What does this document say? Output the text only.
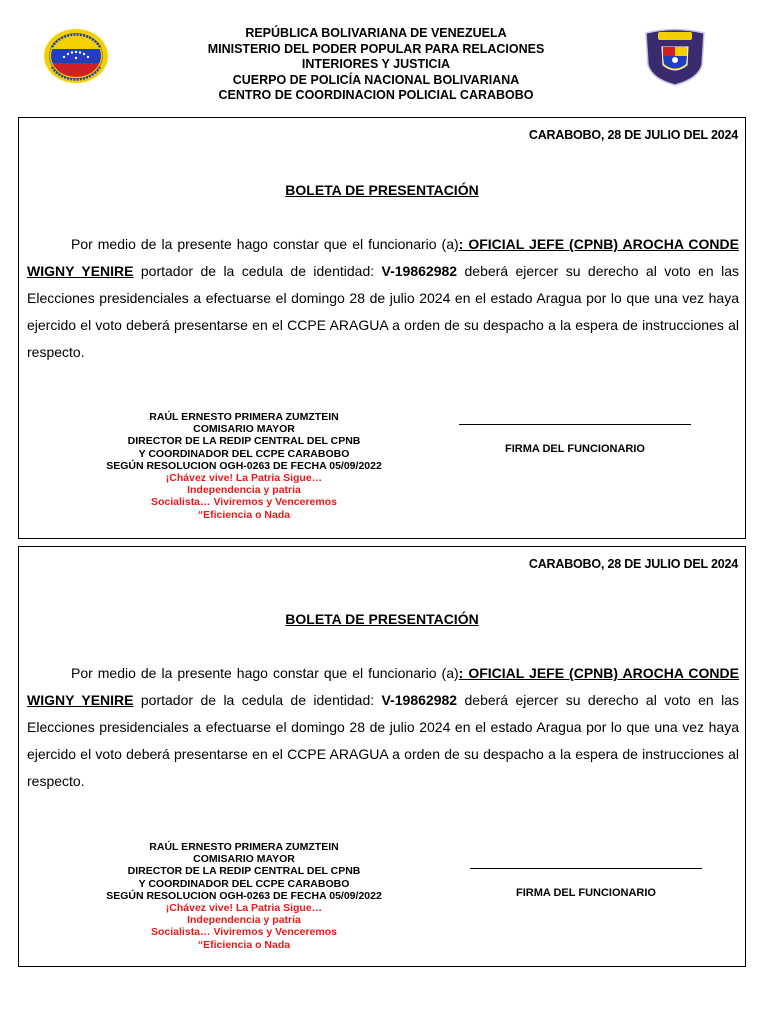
REPÚBLICA BOLIVARIANA DE VENEZUELA
MINISTERIO DEL PODER POPULAR PARA RELACIONES
INTERIORES Y JUSTICIA
CUERPO DE POLICÍA NACIONAL BOLIVARIANA
CENTRO DE COORDINACION POLICIAL CARABOBO
CARABOBO, 28 DE JULIO DEL 2024
BOLETA DE PRESENTACIÓN
Por medio de la presente hago constar que el funcionario (a): OFICIAL JEFE (CPNB) AROCHA CONDE WIGNY YENIRE portador de la cedula de identidad: V-19862982 deberá ejercer su derecho al voto en las Elecciones presidenciales a efectuarse el domingo 28 de julio 2024 en el estado Aragua por lo que una vez haya ejercido el voto deberá presentarse en el CCPE ARAGUA a orden de su despacho a la espera de instrucciones al respecto.
RAÚL ERNESTO PRIMERA ZUMZTEIN
COMISARIO MAYOR
DIRECTOR DE LA REDIP CENTRAL DEL CPNB
Y COORDINADOR DEL CCPE CARABOBO
SEGÚN RESOLUCION OGH-0263 DE FECHA 05/09/2022
¡Chávez vive! La Patria Sigue…
Independencia y patria
Socialista… Viviremos y Venceremos
“Eficiencia o Nada
FIRMA DEL FUNCIONARIO
CARABOBO, 28 DE JULIO DEL 2024
BOLETA DE PRESENTACIÓN
Por medio de la presente hago constar que el funcionario (a): OFICIAL JEFE (CPNB) AROCHA CONDE WIGNY YENIRE portador de la cedula de identidad: V-19862982 deberá ejercer su derecho al voto en las Elecciones presidenciales a efectuarse el domingo 28 de julio 2024 en el estado Aragua por lo que una vez haya ejercido el voto deberá presentarse en el CCPE ARAGUA a orden de su despacho a la espera de instrucciones al respecto.
RAÚL ERNESTO PRIMERA ZUMZTEIN
COMISARIO MAYOR
DIRECTOR DE LA REDIP CENTRAL DEL CPNB
Y COORDINADOR DEL CCPE CARABOBO
SEGÚN RESOLUCION OGH-0263 DE FECHA 05/09/2022
¡Chávez vive! La Patria Sigue…
Independencia y patria
Socialista… Viviremos y Venceremos
“Eficiencia o Nada
FIRMA DEL FUNCIONARIO
